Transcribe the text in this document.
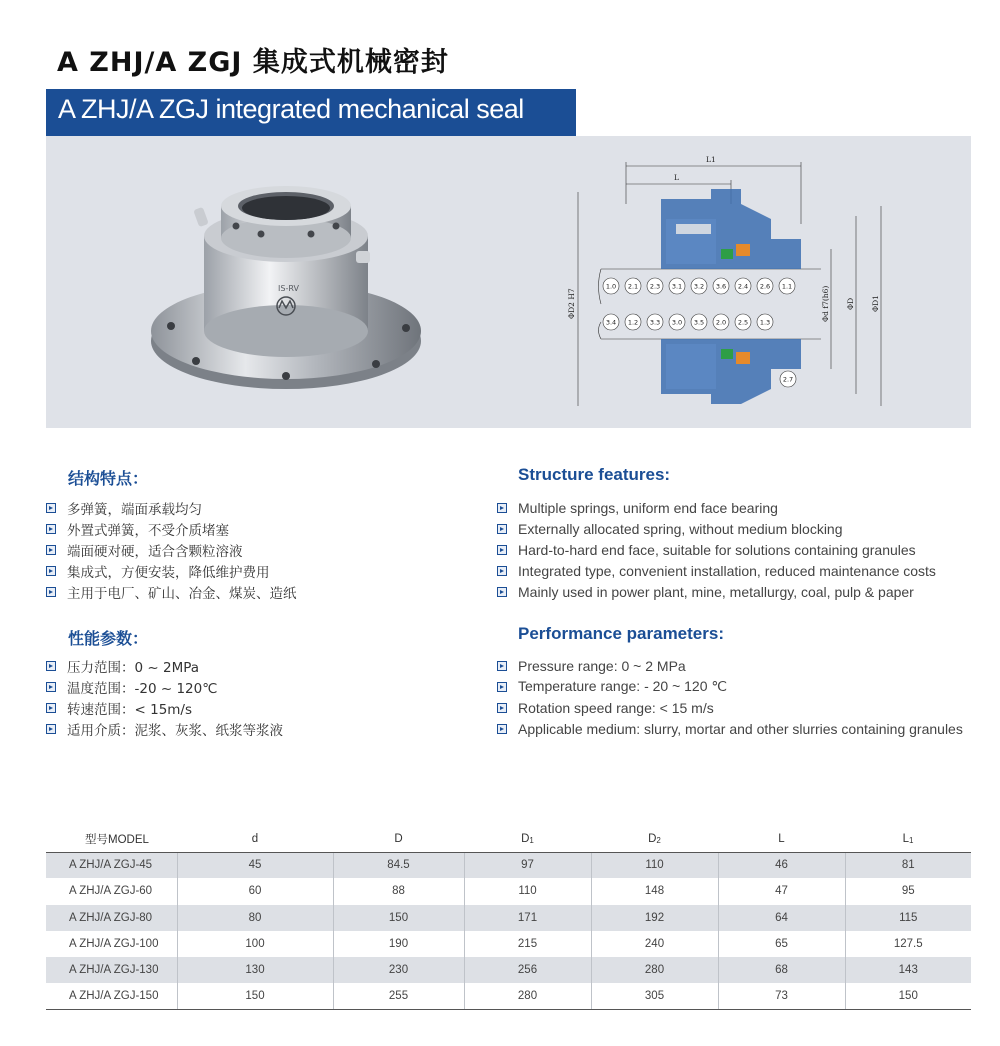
A ZHJ/A ZGJ 集成式机械密封
A ZHJ/A ZGJ integrated mechanical seal
IS-RV	1.0 2.1 2.3 3.1 3.2 3.6 2.4 2.6 1.1
3.4 1.2 3.3 3.0 3.5 2.0 2.5 1.3
2.7
L1
L
ΦD2 H7	Φd f7(h6) ΦD ΦD1
结构特点：
多弹簧，端面承载均匀
外置式弹簧，不受介质堵塞
端面硬对硬，适合含颗粒溶液
集成式，方便安装，降低维护费用
主用于电厂、矿山、冶金、煤炭、造纸
Structure features:
Multiple springs, uniform end face bearing
Externally allocated spring, without medium blocking
Hard-to-hard end face, suitable for solutions containing granules
Integrated type, convenient installation, reduced maintenance costs
Mainly used in power plant, mine, metallurgy, coal, pulp & paper
性能参数：
压力范围：0 ~ 2MPa
温度范围：-20 ~ 120℃
转速范围：< 15m/s
适用介质：泥浆、灰浆、纸浆等浆液
Performance parameters:
Pressure range: 0 ~ 2 MPa
Temperature range: - 20 ~ 120 ℃
Rotation speed range: < 15 m/s
Applicable medium: slurry, mortar and other slurries containing granules
型号MODEL	d	D	$D_1$	$D_2$	L	$L_1$
A ZHJ/A ZGJ-45	45	84.5	97	110	46	81
A ZHJ/A ZGJ-60	60	88	110	148	47	95
A ZHJ/A ZGJ-80	80	150	171	192	64	115
A ZHJ/A ZGJ-100	100	190	215	240	65	127.5
A ZHJ/A ZGJ-130	130	230	256	280	68	143
A ZHJ/A ZGJ-150	150	255	280	305	73	150
